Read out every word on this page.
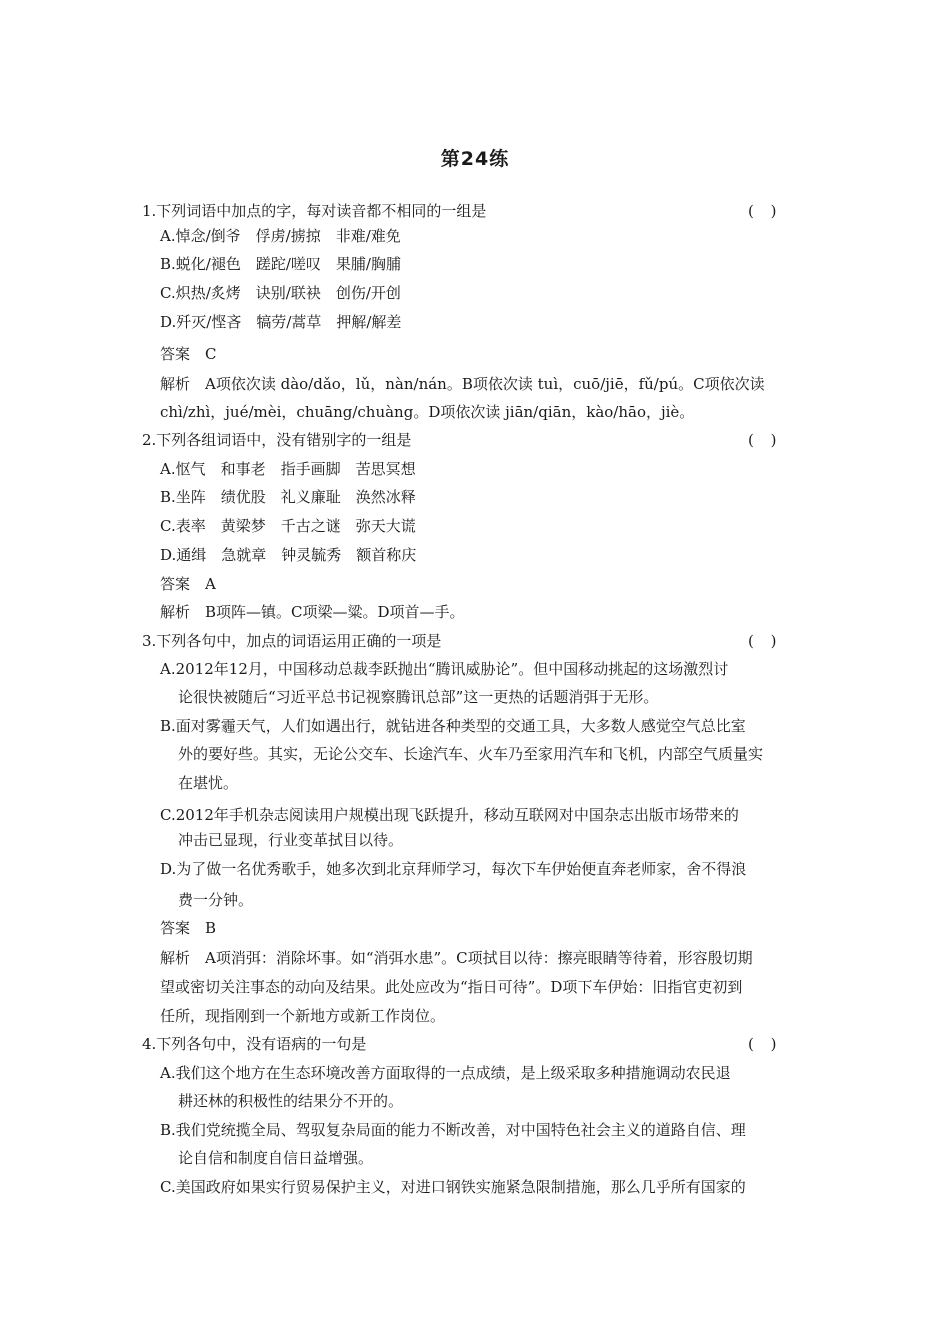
第24练
1.下列词语中加点的字，每对读音都不相同的一组是	( )
A.悼念/倒爷　俘虏/掳掠　非难/难免
B.蜕化/褪色　蹉跎/嗟叹　果脯/胸脯
C.炽热/炙烤　诀别/联袂　创伤/开创
D.歼灭/悭吝　犒劳/蒿草　押解/解差
答案　C
解析　A项依次读 dào/dǎo，lǔ，nàn/nán。B项依次读 tuì，cuō/jiē，fǔ/pú。C项依次读
chì/zhì，jué/mèi，chuāng/chuàng。D项依次读 jiān/qiān，kào/hāo，jiè。
2.下列各组词语中，没有错别字的一组是	( )
A.怄气　和事老　指手画脚　苦思冥想
B.坐阵　绩优股　礼义廉耻　涣然冰释
C.表率　黄梁梦　千古之谜　弥天大谎
D.通缉　急就章　钟灵毓秀　额首称庆
答案　A
解析　B项阵—镇。C项梁—粱。D项首—手。
3.下列各句中，加点的词语运用正确的一项是	( )
A.2012年12月，中国移动总裁李跃抛出“腾讯威胁论”。但中国移动挑起的这场激烈讨
论很快被随后“习近平总书记视察腾讯总部”这一更热的话题消弭于无形。
B.面对雾霾天气，人们如遇出行，就钻进各种类型的交通工具，大多数人感觉空气总比室
外的要好些。其实，无论公交车、长途汽车、火车乃至家用汽车和飞机，内部空气质量实
在堪忧。
C.2012年手机杂志阅读用户规模出现飞跃提升，移动互联网对中国杂志出版市场带来的
冲击已显现，行业变革拭目以待。
D.为了做一名优秀歌手，她多次到北京拜师学习，每次下车伊始便直奔老师家，舍不得浪
费一分钟。
答案　B
解析　A项消弭：消除坏事。如“消弭水患”。C项拭目以待：擦亮眼睛等待着，形容殷切期
望或密切关注事态的动向及结果。此处应改为“指日可待”。D项下车伊始：旧指官吏初到
任所，现指刚到一个新地方或新工作岗位。
4.下列各句中，没有语病的一句是	( )
A.我们这个地方在生态环境改善方面取得的一点成绩，是上级采取多种措施调动农民退
耕还林的积极性的结果分不开的。
B.我们党统揽全局、驾驭复杂局面的能力不断改善，对中国特色社会主义的道路自信、理
论自信和制度自信日益增强。
C.美国政府如果实行贸易保护主义，对进口钢铁实施紧急限制措施，那么几乎所有国家的
